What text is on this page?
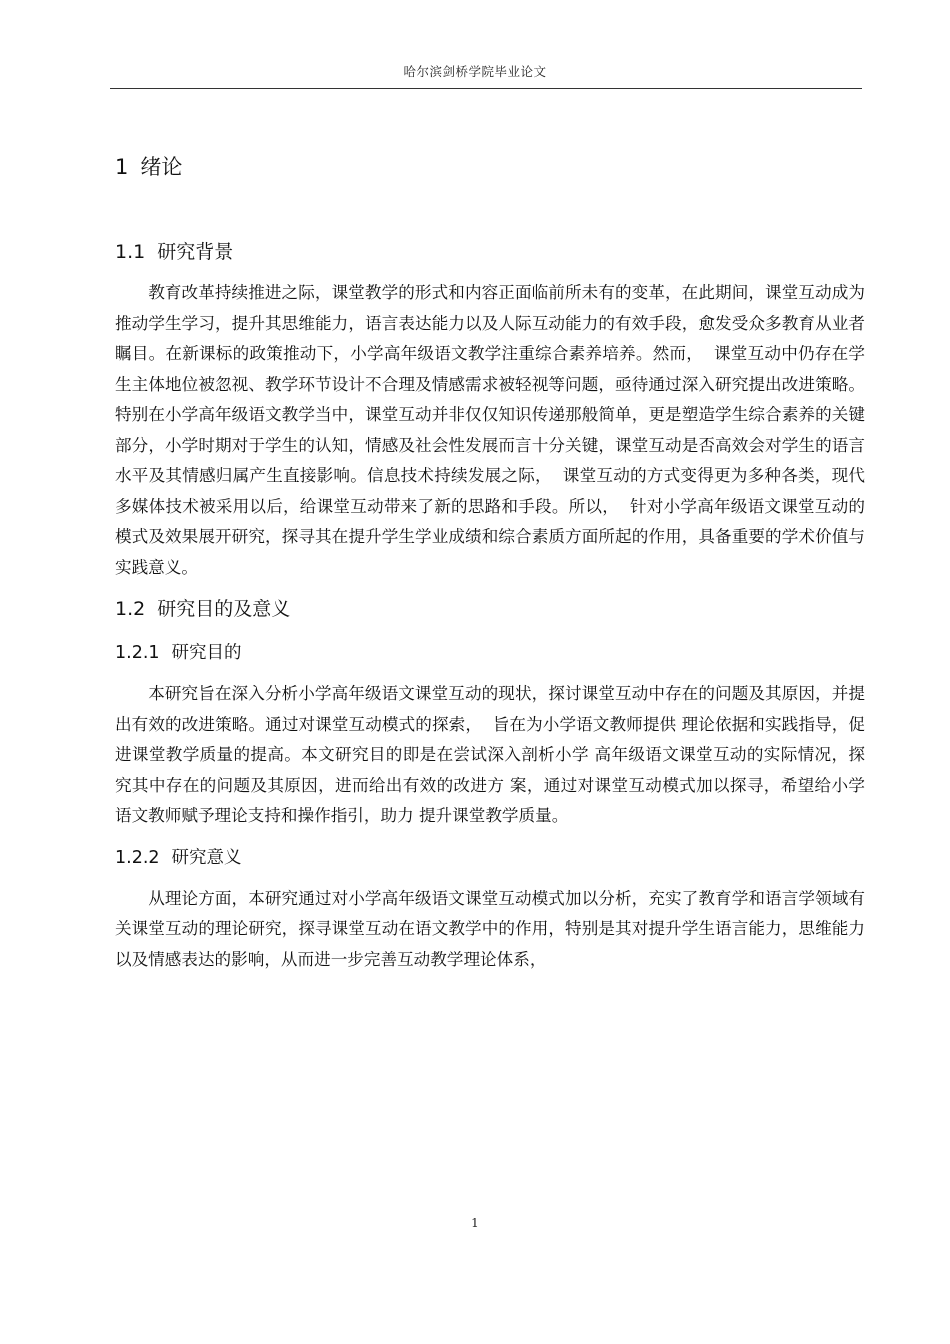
哈尔滨剑桥学院毕业论文
1 绪论
1.1 研究背景

教育改革持续推进之际，课堂教学的形式和内容正面临前所未有的变革，在此期间，课堂互动成为推动学生学习，提升其思维能力，语言表达能力以及人际互动能力的有效手段，愈发受众多教育从业者瞩目。在新课标的政策推动下，小学高年级语文教学注重综合素养培养。然而，  课堂互动中仍存在学生主体地位被忽视、教学环节设计不合理及情感需求被轻视等问题，亟待通过深入研究提出改进策略。特别在小学高年级语文教学当中，课堂互动并非仅仅知识传递那般简单，更是塑造学生综合素养的关键部分，小学时期对于学生的认知，情感及社会性发展而言十分关键，课堂互动是否高效会对学生的语言水平及其情感归属产生直接影响。信息技术持续发展之际，  课堂互动的方式变得更为多种各类，现代多媒体技术被采用以后，给课堂互动带来了新的思路和手段。所以，  针对小学高年级语文课堂互动的模式及效果展开研究，探寻其在提升学生学业成绩和综合素质方面所起的作用，具备重要的学术价值与实践意义。

1.2 研究目的及意义
1.2.1 研究目的

本研究旨在深入分析小学高年级语文课堂互动的现状，探讨课堂互动中存在的问题及其原因，并提出有效的改进策略。通过对课堂互动模式的探索，  旨在为小学语文教师提供 理论依据和实践指导，促进课堂教学质量的提高。本文研究目的即是在尝试深入剖析小学 高年级语文课堂互动的实际情况，探究其中存在的问题及其原因，进而给出有效的改进方 案，通过对课堂互动模式加以探寻，希望给小学语文教师赋予理论支持和操作指引，助力 提升课堂教学质量。

1.2.2 研究意义

从理论方面，本研究通过对小学高年级语文课堂互动模式加以分析，充实了教育学和语言学领域有关课堂互动的理论研究，探寻课堂互动在语文教学中的作用，特别是其对提升学生语言能力，思维能力以及情感表达的影响，从而进一步完善互动教学理论体系，

1
